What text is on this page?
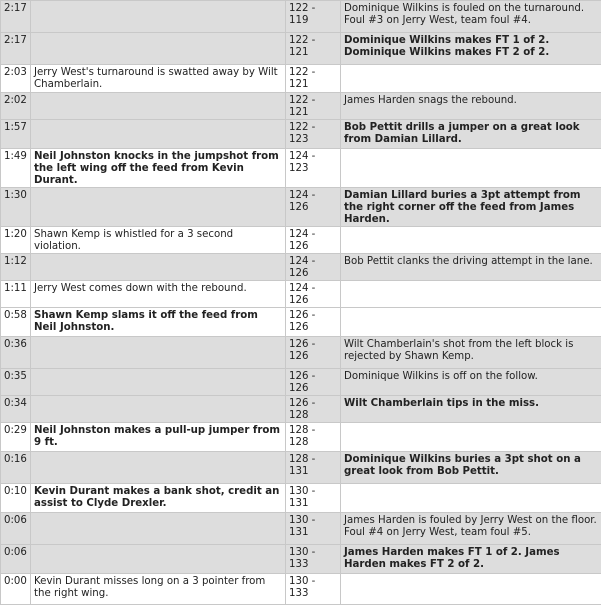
2:17		122 - 119	Dominique Wilkins is fouled on the turnaround. Foul #3 on Jerry West, team foul #4.
2:17		122 - 121	Dominique Wilkins makes FT 1 of 2. Dominique Wilkins makes FT 2 of 2.
2:03	Jerry West's turnaround is swatted away by Wilt Chamberlain.	122 - 121	
2:02		122 - 121	James Harden snags the rebound.
1:57		122 - 123	Bob Pettit drills a jumper on a great look from Damian Lillard.
1:49	Neil Johnston knocks in the jumpshot from the left wing off the feed from Kevin Durant.	124 - 123	
1:30		124 - 126	Damian Lillard buries a 3pt attempt from the right corner off the feed from James Harden.
1:20	Shawn Kemp is whistled for a 3 second violation.	124 - 126	
1:12		124 - 126	Bob Pettit clanks the driving attempt in the lane.
1:11	Jerry West comes down with the rebound.	124 - 126	
0:58	Shawn Kemp slams it off the feed from Neil Johnston.	126 - 126	
0:36		126 - 126	Wilt Chamberlain's shot from the left block is rejected by Shawn Kemp.
0:35		126 - 126	Dominique Wilkins is off on the follow.
0:34		126 - 128	Wilt Chamberlain tips in the miss.
0:29	Neil Johnston makes a pull-up jumper from 9 ft.	128 - 128	
0:16		128 - 131	Dominique Wilkins buries a 3pt shot on a great look from Bob Pettit.
0:10	Kevin Durant makes a bank shot, credit an assist to Clyde Drexler.	130 - 131	
0:06		130 - 131	James Harden is fouled by Jerry West on the floor. Foul #4 on Jerry West, team foul #5.
0:06		130 - 133	James Harden makes FT 1 of 2. James Harden makes FT 2 of 2.
0:00	Kevin Durant misses long on a 3 pointer from the right wing.	130 - 133	
